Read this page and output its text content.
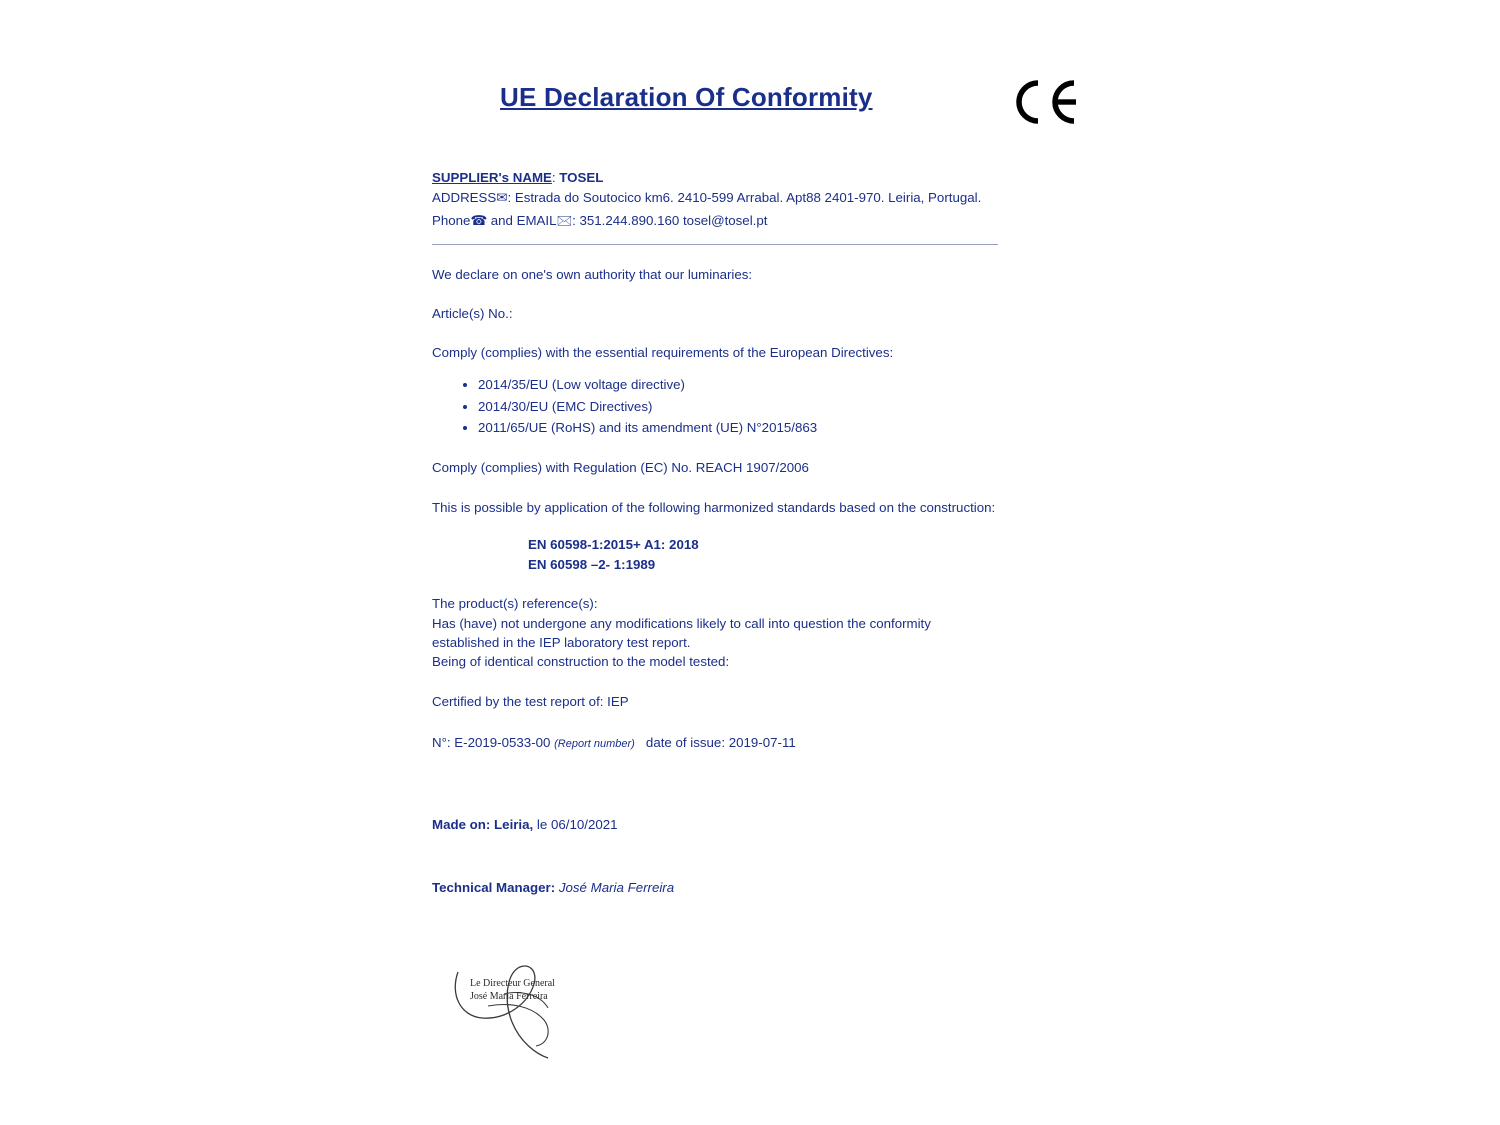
UE Declaration Of Conformity

SUPPLIER's NAME: TOSEL

ADDRESS✉: Estrada do Soutocico km6. 2410-599 Arrabal. Apt88 2401-970. Leiria, Portugal.

Phone☎ and EMAIL🖂: 351.244.890.160 tosel@tosel.pt

We declare on one's own authority that our luminaries:

Article(s) No.:

Comply (complies) with the essential requirements of the European Directives:

• 2014/35/EU (Low voltage directive)
• 2014/30/EU (EMC Directives)
• 2011/65/UE (RoHS) and its amendment (UE) N°2015/863

Comply (complies) with Regulation (EC) No. REACH 1907/2006

This is possible by application of the following harmonized standards based on the construction:

EN 60598-1:2015+ A1: 2018
EN 60598 –2- 1:1989

The product(s) reference(s):

Has (have) not undergone any modifications likely to call into question the conformity established in the IEP laboratory test report.

Being of identical construction to the model tested:

Certified by the test report of: IEP

N°: E-2019-0533-00 (Report number) date of issue: 2019-07-11

Made on: Leiria, le 06/10/2021

Technical Manager: José Maria Ferreira

Le Directeur General
José Maria Ferreira
